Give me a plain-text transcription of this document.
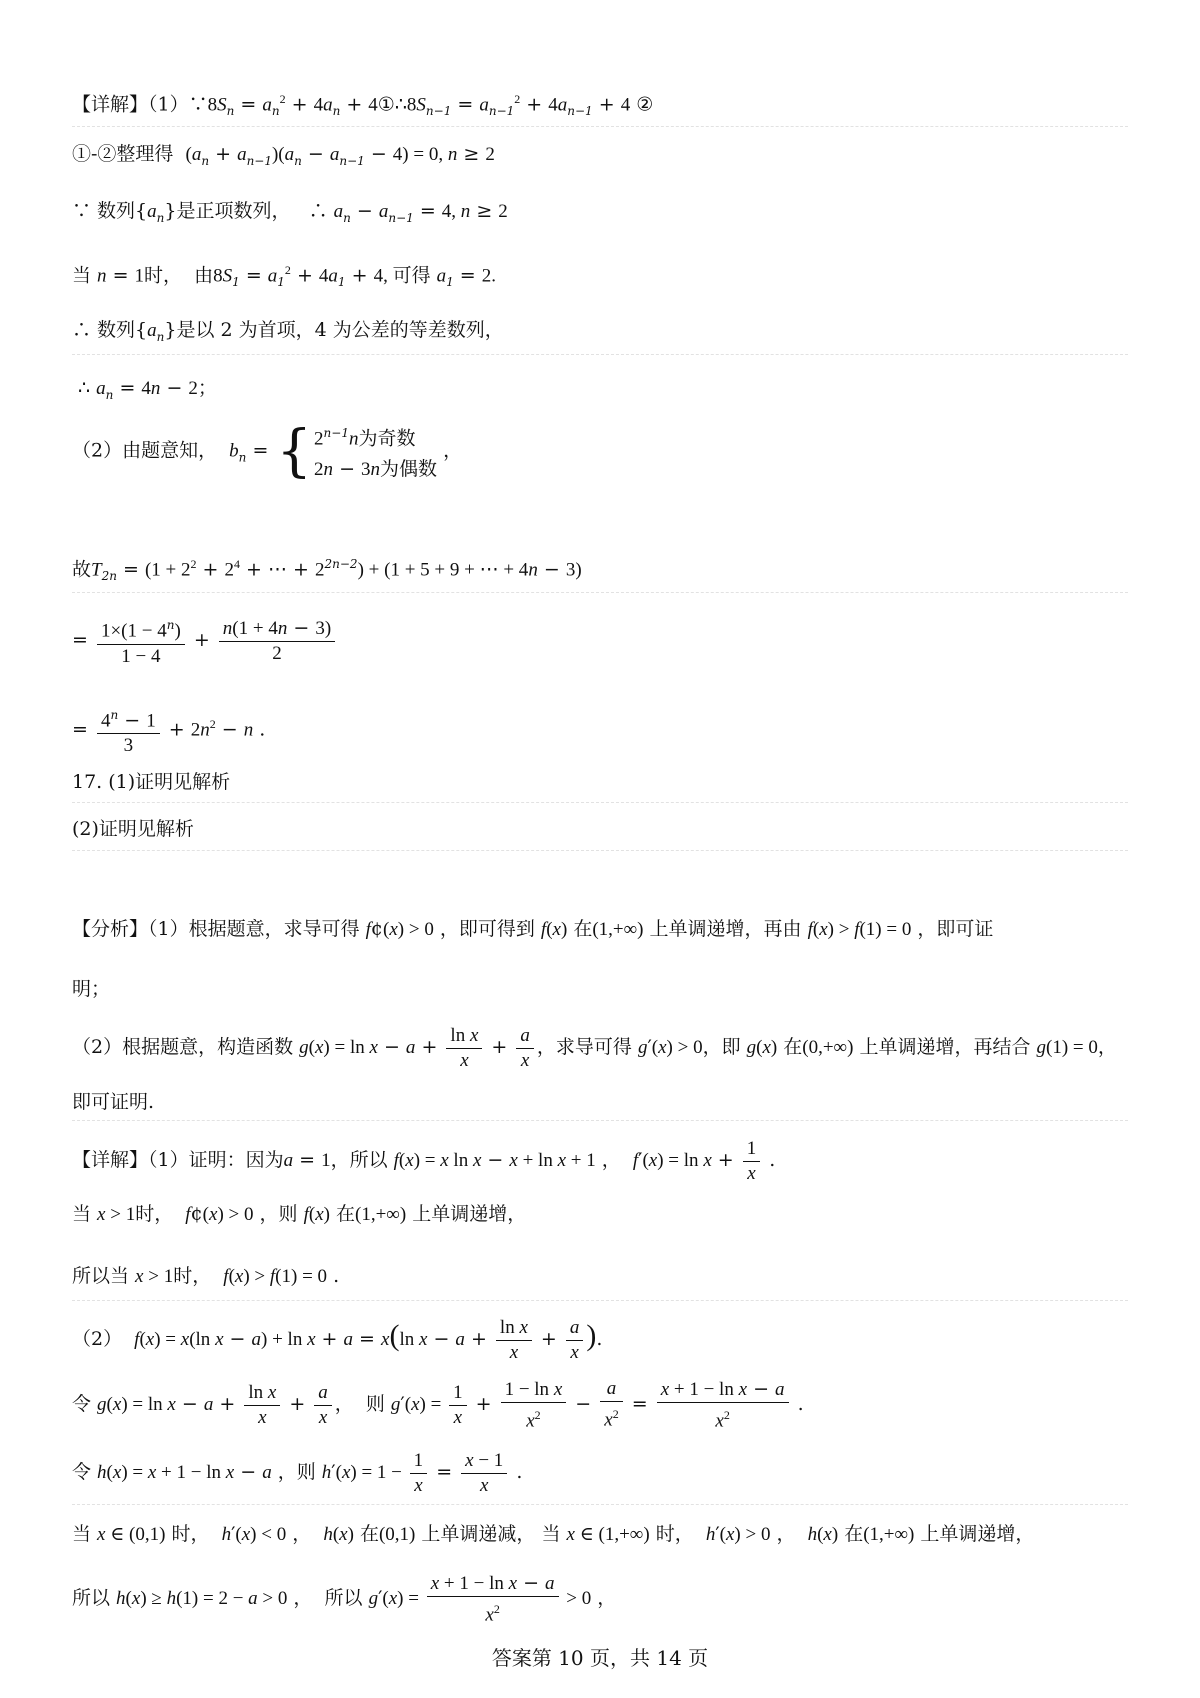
【详解】$(1)\because 8S_n = a_n^2 + 4a_n$ + $4①\therefore 8S_{n-1} = a_{n-1}^2 + 4a_{n-1} + 4$ ②
①-②整理得  $(a_n + a_{n-1})(a_n - a_{n-1} - 4) = 0$, n ≥ 2
∵ 数列$\{a_n\}$是正项数列，   ∴ $a_n - a_{n-1} = 4$, n ≥ 2
当 n = 1时，  由$8S_1 = a_1^2 + 4a_1 + 4$, 可得 $a_1 = 2$.
∴ 数列$\{a_n\}$是以 2 为首项，4 为公差的等差数列，
∴ $a_n = 4n - 2$；
（2）由题意知，  $b_n$ = { $2^{n-1}n$为奇数
2n − 3n为偶数
，
故$T_{2n} = (1 + 2^2 + 2^4$ + ⋯ + $2^{2n-2}) + (1 + 5 + 9$ + ⋯ + 4n − 3)
= $\frac{1\times(1 - 4^n)}{1 - 4} + \frac{n(1 + 4n - 3)}{2}$
= $\frac{4^n - 1}{3} + 2n^2 - n$ .
17. (1)证明见解析
(2)证明见解析
【分析】（1）根据题意，求导可得 f¢(x) > 0 ，即可得到 f(x) 在(1,+∞) 上单调递增，再由 f(x) > f(1) = 0 ，即可证
明；
（2）根据题意，构造函数 $g(x) = \ln x - a + \frac{\text{ln x}}{x} + \frac{a}{x}$ ，求导可得 g′(x) > 0，即 g(x) 在(0,+∞) 上单调递增，再结合 g(1) = 0，
即可证明.
【详解】（1）证明：因为a = 1，所以 f(x) = x ln x − x + ln x + 1 ，  $f'(x) = \ln x + \frac{1}{x}$ .
当 x > 1时，  f¢(x) > 0 ，则 f(x) 在(1,+∞) 上单调递增，
所以当 x > 1时，  f(x) > f(1) = 0 .
（2）  f(x) = x(ln x − a) + ln x + a = x(ln $x - a + \frac{\text{ln x}}{x} + \frac{a}{x}$ ).
令 $g(x) = \ln x - a + \frac{\text{ln x}}{x} + \frac{a}{x}$ ，  则 $g'(x) = \frac{1}{x} + \frac{\text{1 − ln x}}{x^2} - \frac{a}{x^2} = \frac{\text{x + 1 − ln x − a}}{x^2}$ .
令 h(x) = x + 1 − ln x − a ，则 $h'(x) = 1 - \frac{1}{x} = \frac{x - 1}{x}$ .
当 x ∈ (0,1) 时，  h′(x) < 0 ，  h(x) 在(0,1) 上单调递减， 当 x ∈ (1,+∞) 时，  h′(x) > 0 ，  h(x) 在(1,+∞) 上单调递增，
所以 h(x) ≥ h(1) = 2 − a > 0 ，  所以 $g'(x) = \frac{\text{x + 1 − ln x − a}}{x^2} > 0$ ，
答案第 10 页，共 14 页
